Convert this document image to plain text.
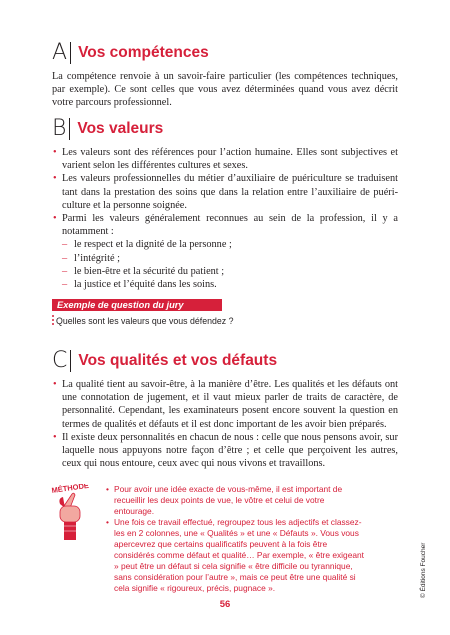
A Vos compétences

La compétence renvoie à un savoir-faire particulier (les compétences techniques, par exemple). Ce sont celles que vous avez déterminées quand vous avez décrit votre parcours professionnel.

B Vos valeurs
• Les valeurs sont des références pour l’action humaine. Elles sont subjectives et varient selon les différentes cultures et sexes.
• Les valeurs professionnelles du métier d’auxiliaire de puériculture se traduisent tant dans la prestation des soins que dans la relation entre l’auxiliaire de puériculture et la personne soignée.
• Parmi les valeurs généralement reconnues au sein de la profession, il y a notamment :
– le respect et la dignité de la personne ;
– l’intégrité ;
– le bien-être et la sécurité du patient ;
– la justice et l’équité dans les soins.
Exemple de question du jury
Quelles sont les valeurs que vous défendez ?
C Vos qualités et vos défauts
• La qualité tient au savoir-être, à la manière d’être. Les qualités et les défauts ont une connotation de jugement, et il vaut mieux parler de traits de caractère, de personnalité. Cependant, les examinateurs posent encore souvent la question en termes de qualités et défauts et il est donc important de les avoir bien préparés.
• Il existe deux personnalités en chacun de nous : celle que nous pensons avoir, sur laquelle nous appuyons notre façon d’être ; et celle que perçoivent les autres, ceux qui nous entoure, ceux avec qui nous vivons et travaillons.
MÉTHODE
•	Pour avoir une idée exacte de vous-même, il est important de recueillir les deux points de vue, le vôtre et celui de votre entourage.
• Une fois ce travail effectué, regroupez tous les adjectifs et classez-les en 2 colonnes, une « Qualités » et une « Défauts ». Vous vous apercevrez que certains qualificatifs peuvent à la fois être considérés comme défaut et qualité… Par exemple, « être exigeant » peut être un défaut si cela signifie « être difficile ou tyrannique, sans considération pour l’autre », mais ce peut être une qualité si cela signifie « rigoureux, précis, pugnace ».	© Éditions Foucher
56
